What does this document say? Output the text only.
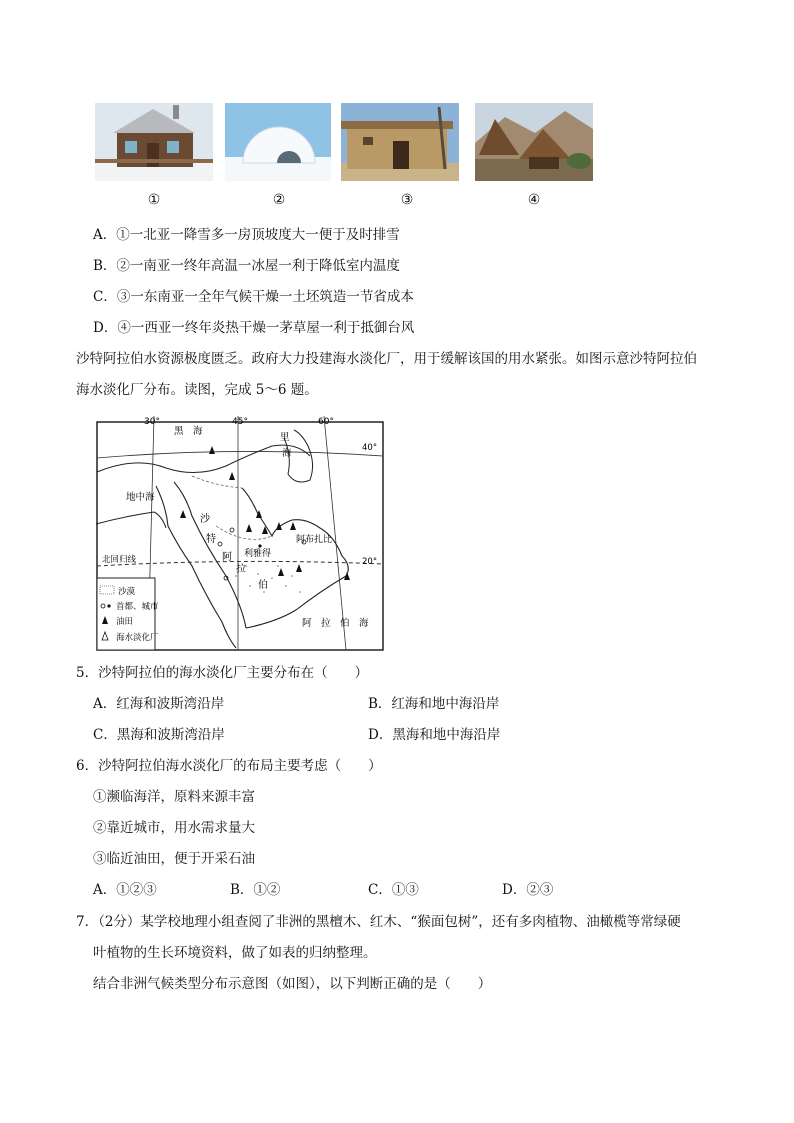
①	②	③	④
A．①一北亚一降雪多一房顶坡度大一便于及时排雪
B．②一南亚一终年高温一冰屋一利于降低室内温度
C．③一东南亚一全年气候干燥一土坯筑造一节省成本
D．④一西亚一终年炎热干燥一茅草屋一利于抵御台风
沙特阿拉伯水资源极度匮乏。政府大力投建海水淡化厂，用于缓解该国的用水紧张。如图示意沙特阿拉伯
海水淡化厂分布。读图，完成 5～6 题。
30°	45°	60°
40°
20°
黑　海
里
海
地中海
沙
特
阿
拉
伯
利雅得
阿布扎比
北回归线
阿　拉　伯　海
沙漠
首都、城市
油田
海水淡化厂
5．沙特阿拉伯的海水淡化厂主要分布在（　　）
A．红海和波斯湾沿岸	B．红海和地中海沿岸
C．黑海和波斯湾沿岸	D．黑海和地中海沿岸
6．沙特阿拉伯海水淡化厂的布局主要考虑（　　）
①濒临海洋，原料来源丰富
②靠近城市，用水需求量大
③临近油田，便于开采石油
A．①②③	B．①②	C．①③	D．②③
7．（2分）某学校地理小组查阅了非洲的黑檀木、红木、“猴面包树”，还有多肉植物、油橄榄等常绿硬
叶植物的生长环境资料，做了如表的归纳整理。
结合非洲气候类型分布示意图（如图），以下判断正确的是（　　）
